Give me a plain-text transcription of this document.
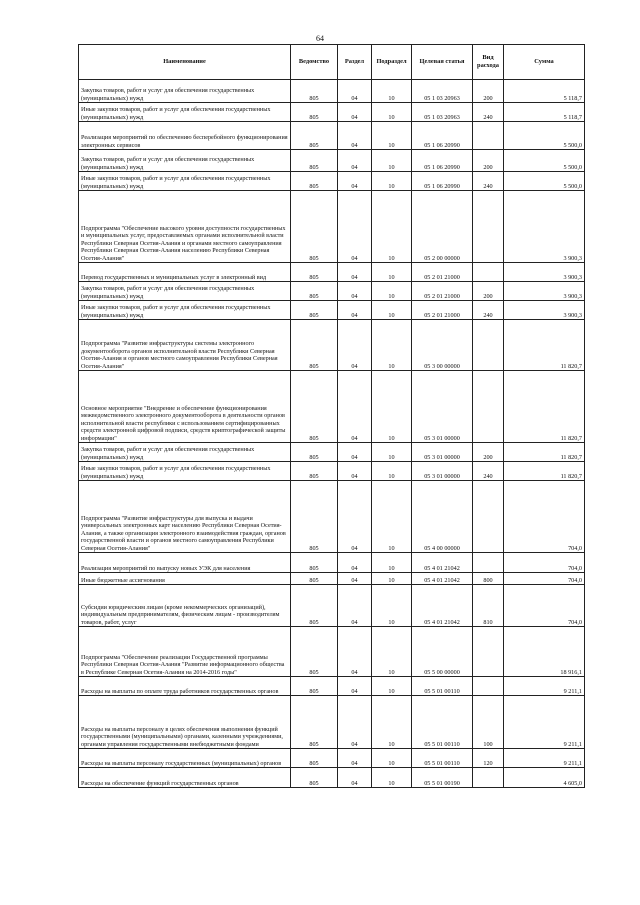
64
Наименование	Ведомство	Раздел	Подраздел	Целевая статья	Вид расхода	Сумма
Закупка товаров, работ и услуг для обеспечения государственных (муниципальных) нужд	805	04	10	05 1 03 20963	200	5 118,7
Иные закупки товаров, работ и услуг для обеспечения государственных (муниципальных) нужд	805	04	10	05 1 03 20963	240	5 118,7
Реализация мероприятий по обеспечению бесперебойного функционирования электронных сервисов	805	04	10	05 1 06 20990		5 500,0
Закупка товаров, работ и услуг для обеспечения государственных (муниципальных) нужд	805	04	10	05 1 06 20990	200	5 500,0
Иные закупки товаров, работ и услуг для обеспечения государственных (муниципальных) нужд	805	04	10	05 1 06 20990	240	5 500,0
Подпрограмма "Обеспечение высокого уровня доступности государственных и муниципальных услуг, предоставляемых органами исполнительной власти Республики Северная Осетия-Алания и органами местного самоуправления Республики Северная Осетия-Алания населению Республики Северная Осетия-Алания"	805	04	10	05 2 00 00000		3 900,3
Перевод государственных и муниципальных услуг в электронный вид	805	04	10	05 2 01 21000		3 900,3
Закупка товаров, работ и услуг для обеспечения государственных (муниципальных) нужд	805	04	10	05 2 01 21000	200	3 900,3
Иные закупки товаров, работ и услуг для обеспечения государственных (муниципальных) нужд	805	04	10	05 2 01 21000	240	3 900,3
Подпрограмма "Развитие инфраструктуры системы электронного документооборота органов исполнительной власти Республики Северная Осетия-Алания и органов местного самоуправления Республики Северная Осетия-Алания"	805	04	10	05 3 00 00000		11 820,7
Основное мероприятие "Внедрение и обеспечение функционирования межведомственного электронного документооборота в деятельности органов исполнительной власти республики с использованием сертифицированных средств электронной цифровой подписи, средств криптографической защиты информации"	805	04	10	05 3 01 00000		11 820,7
Закупка товаров, работ и услуг для обеспечения государственных (муниципальных) нужд	805	04	10	05 3 01 00000	200	11 820,7
Иные закупки товаров, работ и услуг для обеспечения государственных (муниципальных) нужд	805	04	10	05 3 01 00000	240	11 820,7
Подпрограмма "Развитие инфраструктуры для выпуска и выдачи универсальных электронных карт населению Республики Северная Осетия-Алания, а также организация электронного взаимодействия граждан, органов государственной власти и органов местного самоуправления Республики Северная Осетия-Алания"	805	04	10	05 4 00 00000		704,0
Реализация мероприятий по выпуску новых УЭК для населения	805	04	10	05 4 01 21042		704,0
Иные бюджетные ассигнования	805	04	10	05 4 01 21042	800	704,0
Субсидии юридическим лицам (кроме некоммерческих организаций), индивидуальным предпринимателям, физическим лицам - производителям товаров, работ, услуг	805	04	10	05 4 01 21042	810	704,0
Подпрограмма "Обеспечение реализации Государственной программы Республики Северная Осетия-Алания "Развитие информационного общества в Республике Северная Осетия-Алания на 2014-2016 годы"	805	04	10	05 5 00 00000		18 916,1
Расходы на выплаты по оплате труда работников государственных органов	805	04	10	05 5 01 00110		9 211,1
Расходы на выплаты персоналу в целях обеспечения выполнения функций государственными (муниципальными) органами, казенными учреждениями, органами управления государственными внебюджетными фондами	805	04	10	05 5 01 00110	100	9 211,1
Расходы на выплаты персоналу государственных (муниципальных) органов	805	04	10	05 5 01 00110	120	9 211,1
Расходы на обеспечение функций государственных органов	805	04	10	05 5 01 00190		4 605,0
